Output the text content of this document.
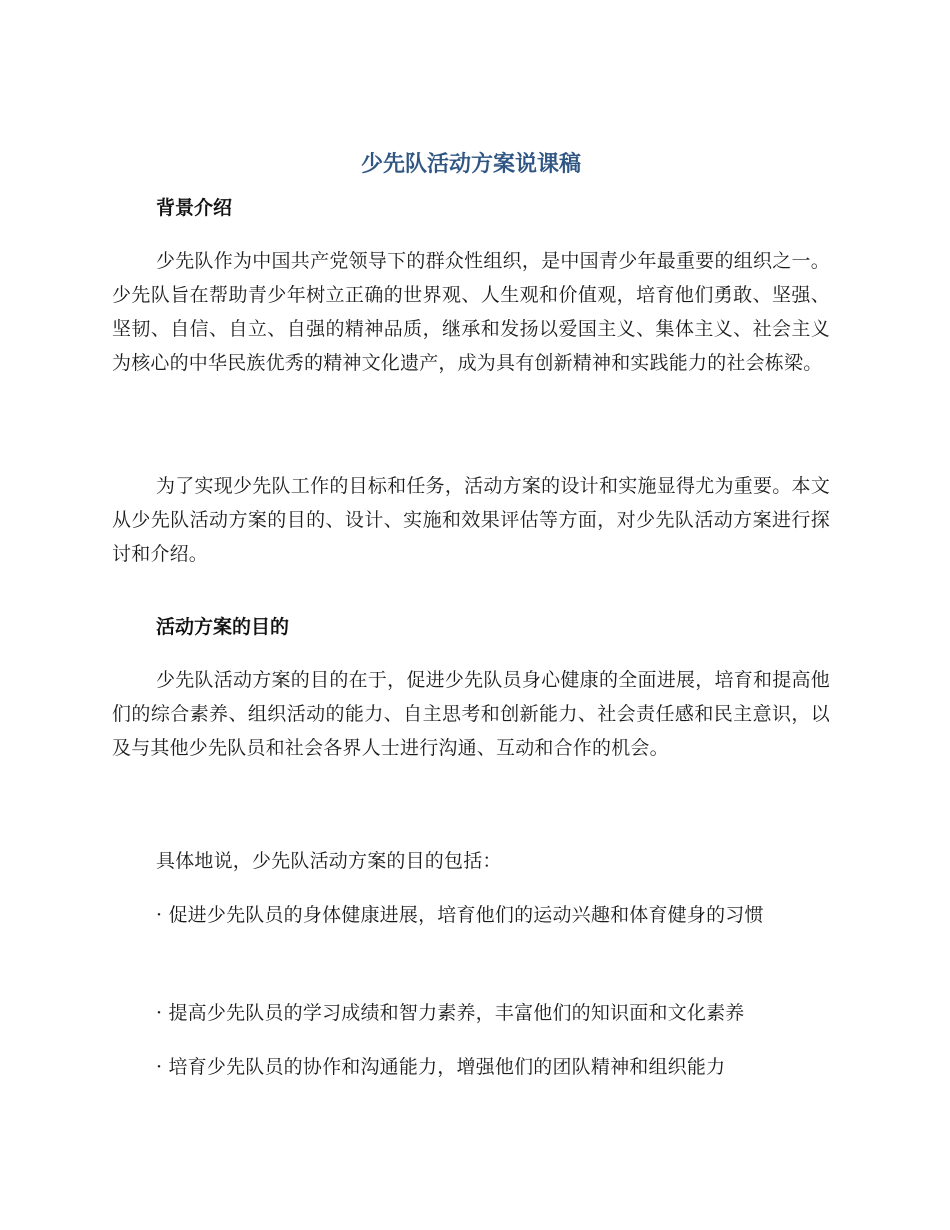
少先队活动方案说课稿
背景介绍

少先队作为中国共产党领导下的群众性组织，是中国青少年最重要的组织之一。少先队旨在帮助青少年树立正确的世界观、人生观和价值观，培育他们勇敢、坚强、坚韧、自信、自立、自强的精神品质，继承和发扬以爱国主义、集体主义、社会主义为核心的中华民族优秀的精神文化遗产，成为具有创新精神和实践能力的社会栋梁。

为了实现少先队工作的目标和任务，活动方案的设计和实施显得尤为重要。本文从少先队活动方案的目的、设计、实施和效果评估等方面，对少先队活动方案进行探讨和介绍。

活动方案的目的

少先队活动方案的目的在于，促进少先队员身心健康的全面进展，培育和提高他们的综合素养、组织活动的能力、自主思考和创新能力、社会责任感和民主意识，以及与其他少先队员和社会各界人士进行沟通、互动和合作的机会。

具体地说，少先队活动方案的目的包括：

· 促进少先队员的身体健康进展，培育他们的运动兴趣和体育健身的习惯

· 提高少先队员的学习成绩和智力素养，丰富他们的知识面和文化素养

· 培育少先队员的协作和沟通能力，增强他们的团队精神和组织能力
